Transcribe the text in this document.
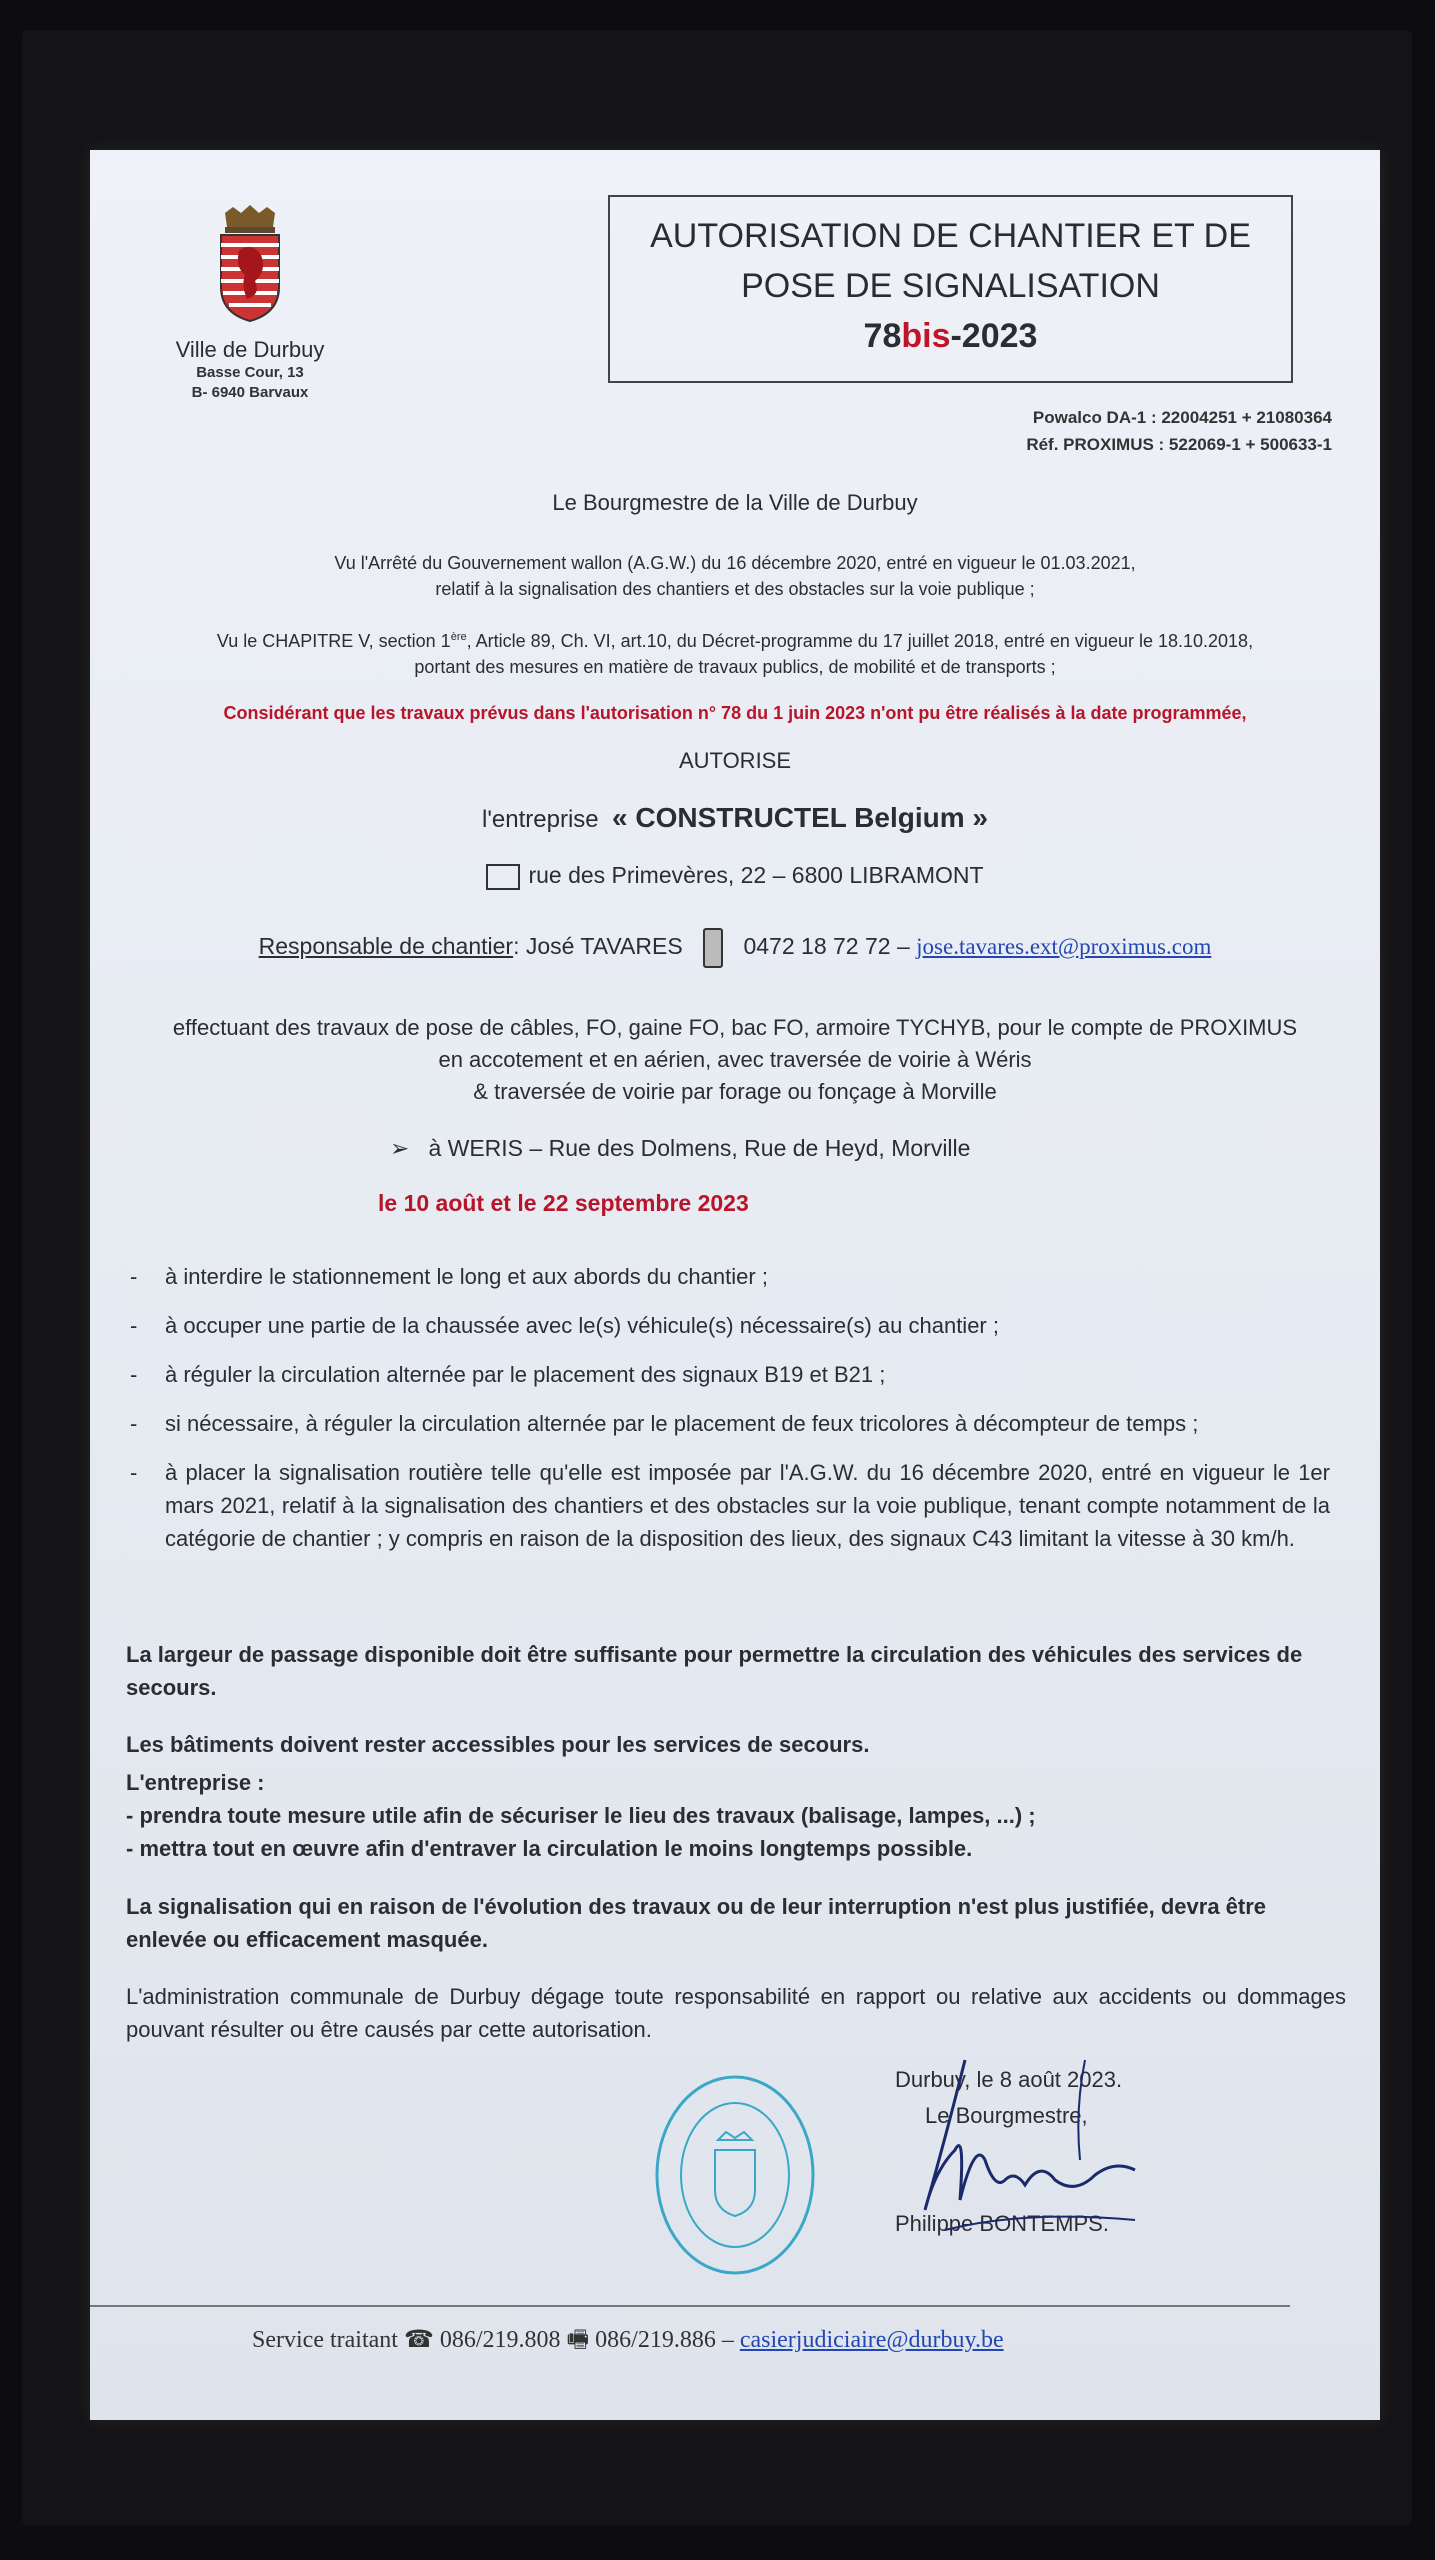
Ville de Durbuy
Basse Cour, 13
B- 6940 Barvaux
AUTORISATION DE CHANTIER ET DE
POSE DE SIGNALISATION
78bis-2023
Powalco DA-1 : 22004251 + 21080364
Réf. PROXIMUS : 522069-1 + 500633-1
Le Bourgmestre de la Ville de Durbuy
Vu l'Arrêté du Gouvernement wallon (A.G.W.) du 16 décembre 2020, entré en vigueur le 01.03.2021,
relatif à la signalisation des chantiers et des obstacles sur la voie publique ;
Vu le CHAPITRE V, section 1ère, Article 89, Ch. VI, art.10, du Décret-programme du 17 juillet 2018, entré en vigueur le 18.10.2018,
portant des mesures en matière de travaux publics, de mobilité et de transports ;
Considérant que les travaux prévus dans l'autorisation n° 78 du 1 juin 2023 n'ont pu être réalisés à la date programmée,
AUTORISE
l'entreprise « CONSTRUCTEL Belgium »
rue des Primevères, 22 – 6800 LIBRAMONT
Responsable de chantier: José TAVARES	0472 18 72 72 – jose.tavares.ext@proximus.com
effectuant des travaux de pose de câbles, FO, gaine FO, bac FO, armoire TYCHYB, pour le compte de PROXIMUS
en accotement et en aérien, avec traversée de voirie à Wéris
& traversée de voirie par forage ou fonçage à Morville
➢ à WERIS – Rue des Dolmens, Rue de Heyd, Morville
le 10 août et le 22 septembre 2023
-	à interdire le stationnement le long et aux abords du chantier ;
-	à occuper une partie de la chaussée avec le(s) véhicule(s) nécessaire(s) au chantier ;
-	à réguler la circulation alternée par le placement des signaux B19 et B21 ;
-	si nécessaire, à réguler la circulation alternée par le placement de feux tricolores à décompteur de temps ;
-	à placer la signalisation routière telle qu'elle est imposée par l'A.G.W. du 16 décembre 2020, entré en vigueur le 1er mars 2021, relatif à la signalisation des chantiers et des obstacles sur la voie publique, tenant compte notamment de la catégorie de chantier ; y compris en raison de la disposition des lieux, des signaux C43 limitant la vitesse à 30 km/h.
La largeur de passage disponible doit être suffisante pour permettre la circulation des véhicules des services de secours.
Les bâtiments doivent rester accessibles pour les services de secours.
L'entreprise :
- prendra toute mesure utile afin de sécuriser le lieu des travaux (balisage, lampes, ...) ;
- mettra tout en œuvre afin d'entraver la circulation le moins longtemps possible.
La signalisation qui en raison de l'évolution des travaux ou de leur interruption n'est plus justifiée, devra être enlevée ou efficacement masquée.
L'administration communale de Durbuy dégage toute responsabilité en rapport ou relative aux accidents ou dommages pouvant résulter ou être causés par cette autorisation.
Durbuy, le 8 août 2023.
Le Bourgmestre,
Philippe BONTEMPS.
Service traitant ☎ 086/219.808 🖷 086/219.886 – casierjudiciaire@durbuy.be
